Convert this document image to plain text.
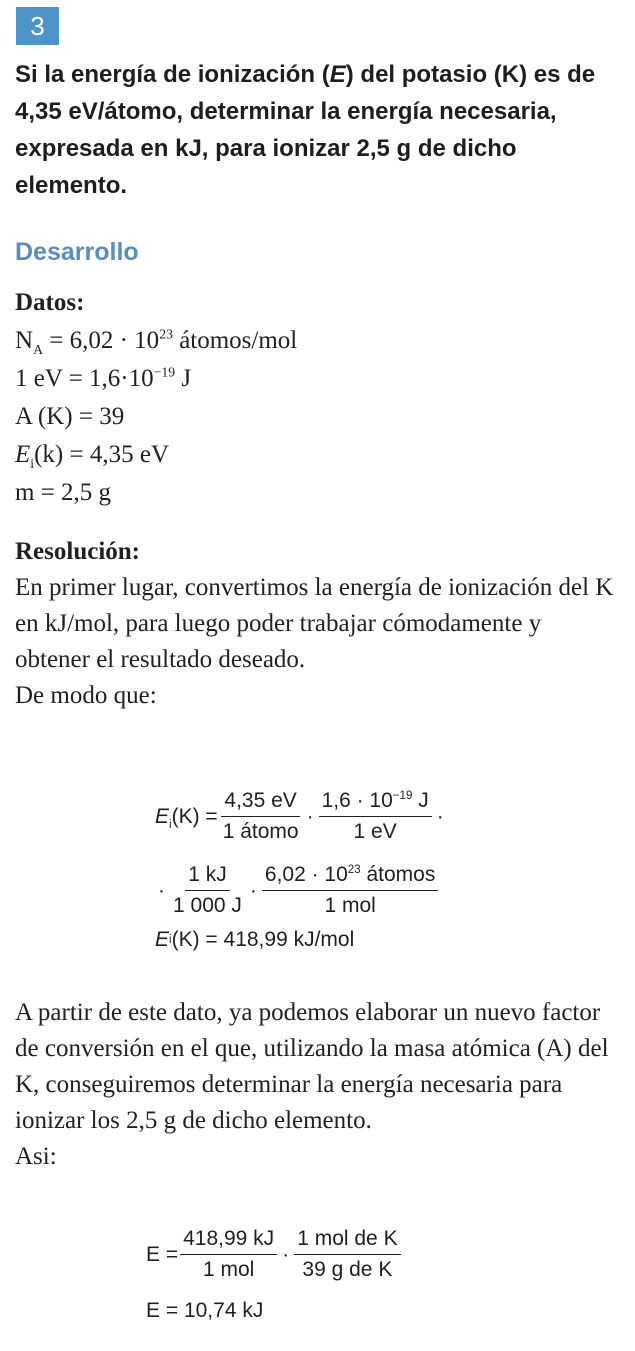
3
Si la energía de ionización (E) del potasio (K) es de 4,35 eV/átomo, determinar la energía necesaria, expresada en kJ, para ionizar 2,5 g de dicho elemento.
Desarrollo
Datos:
$N_A = 6,02 \cdot 10^{23}$ átomos/mol
1 eV = $1,6\cdot 10^{-19}$ J
A (K) = 39
$E_i(k) = 4,35$ eV
m = 2,5 g
Resolución:
En primer lugar, convertimos la energía de ionización del K en kJ/mol, para luego poder trabajar cómodamente y obtener el resultado deseado.
De modo que:
$E_i(K) = \frac{4,35 eV}{\text{1 átomo}} \cdot \frac{1,6 \cdot 10^{-19} J}{1 eV}$ ·
· $\frac{1 kJ}{1 000 J} \cdot \frac{6,02 \cdot 10^{23} átomos}{\text{1 mol}}$
E i (K) = 418,99 kJ/mol
A partir de este dato, ya podemos elaborar un nuevo factor de conversión en el que, utilizando la masa atómica (A) del K, conseguiremos determinar la energía necesaria para ionizar los 2,5 g de dicho elemento.
Asi:
$E = \frac{418,99 kJ}{\text{1 mol}} \cdot \frac{\text{1 mol de K}}{\text{39 g de K}}$
E = 10,74 kJ
